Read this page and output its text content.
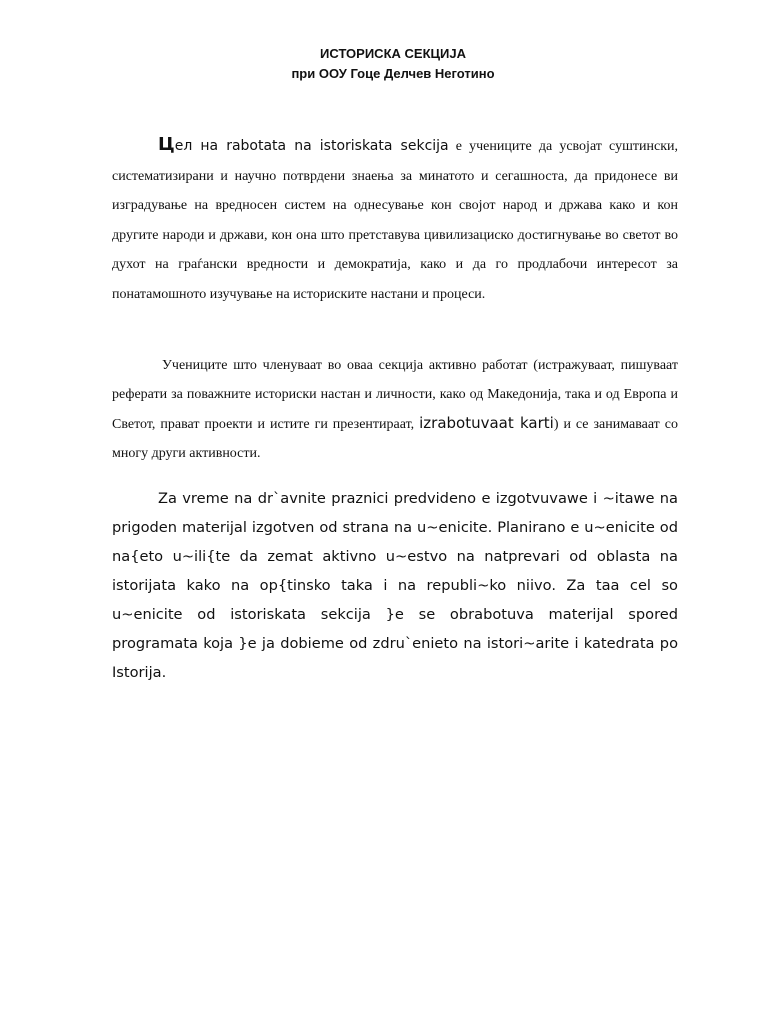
ИСТОРИСКА СЕКЦИЈА
при ООУ Гоце Делчев Неготино

Цел на rabotata na istoriskata sekcija е учениците да усвојат суштински, систематизирани и научно потврдени знаења за минатото и сегашноста, да придонесе ви изградување на вредносен систем на однесување кон својот народ и држава како и кон другите народи и држави, кон она што претставува цивилизациско достигнување во светот во духот на граѓански вредности и демократија, како и да го продлабочи интересот за понатамошното изучување на историските настани и процеси.

Учениците што членуваат во оваа секција активно работат (истражуваат, пишуваат реферати за поважните историски настан и личности, како од Македонија, така и од Европа и Светот, прават проекти и истите ги презентираат, izrabotuvaat karti) и се занимаваат со многу други активности.

Za vreme na dr`avnite praznici predvideno e izgotvuvawe i ~itawe na prigoden materijal izgotven od strana na u~enicite. Planirano e u~enicite od na{eto u~ili{te da zemat aktivno u~estvo na natprevari od oblasta na istorijata kako na op{tinsko taka i na republi~ko niivo. Za taa cel so u~enicite od istoriskata sekcija }e se obrabotuva materijal spored programata koja }e ja dobieme od zdru`enieto na istori~arite i katedrata po Istorija.
